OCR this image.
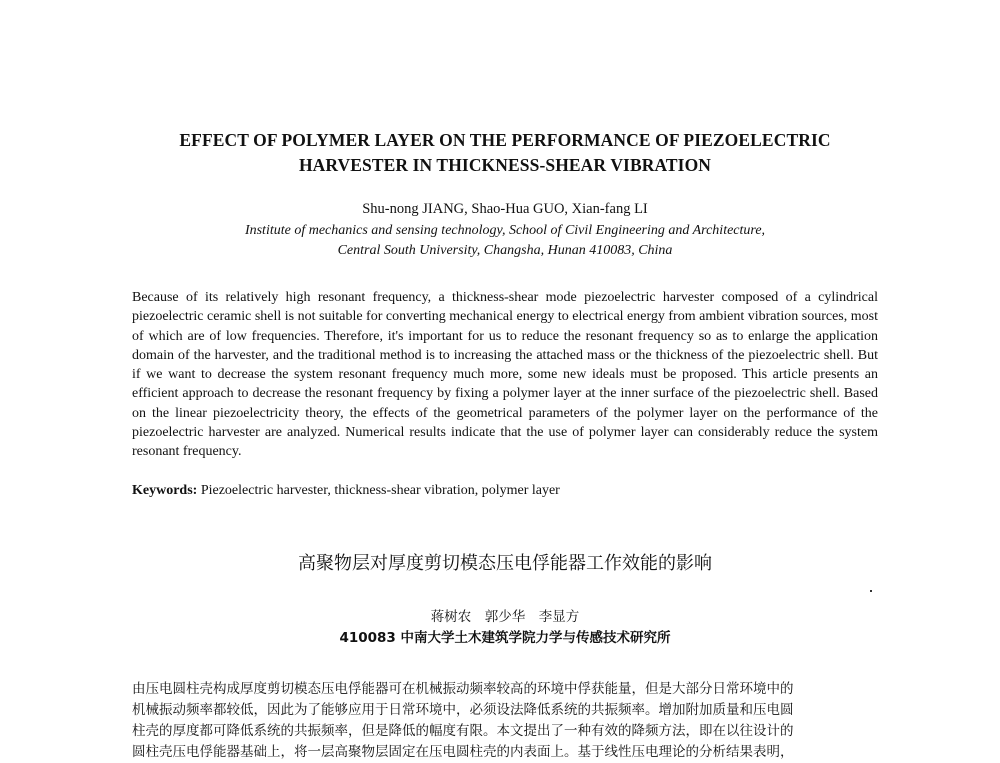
EFFECT OF POLYMER LAYER ON THE PERFORMANCE OF PIEZOELECTRIC
HARVESTER IN THICKNESS-SHEAR VIBRATION
Shu-nong JIANG, Shao-Hua GUO, Xian-fang LI
Institute of mechanics and sensing technology, School of Civil Engineering and Architecture,
Central South University, Changsha, Hunan 410083, China
Because of its relatively high resonant frequency, a thickness-shear mode piezoelectric harvester composed of a cylindrical piezoelectric ceramic shell is not suitable for converting mechanical energy to electrical energy from ambient vibration sources, most of which are of low frequencies. Therefore, it's important for us to reduce the resonant frequency so as to enlarge the application domain of the harvester, and the traditional method is to increasing the attached mass or the thickness of the piezoelectric shell. But if we want to decrease the system resonant frequency much more, some new ideals must be proposed. This article presents an efficient approach to decrease the resonant frequency by fixing a polymer layer at the inner surface of the piezoelectric shell. Based on the linear piezoelectricity theory, the effects of the geometrical parameters of the polymer layer on the performance of the piezoelectric harvester are analyzed. Numerical results indicate that the use of polymer layer can considerably reduce the system resonant frequency.
Keywords: Piezoelectric harvester, thickness-shear vibration, polymer layer
高聚物层对厚度剪切模态压电俘能器工作效能的影响
蒋树农　郭少华　李显方
410083 中南大学土木建筑学院力学与传感技术研究所
由压电圆柱壳构成厚度剪切模态压电俘能器可在机械振动频率较高的环境中俘获能量，但是大部分日常环境中的
机械振动频率都较低，因此为了能够应用于日常环境中，必须设法降低系统的共振频率。增加附加质量和压电圆
柱壳的厚度都可降低系统的共振频率，但是降低的幅度有限。本文提出了一种有效的降频方法，即在以往设计的
圆柱壳压电俘能器基础上，将一层高聚物层固定在压电圆柱壳的内表面上。基于线性压电理论的分析结果表明，
